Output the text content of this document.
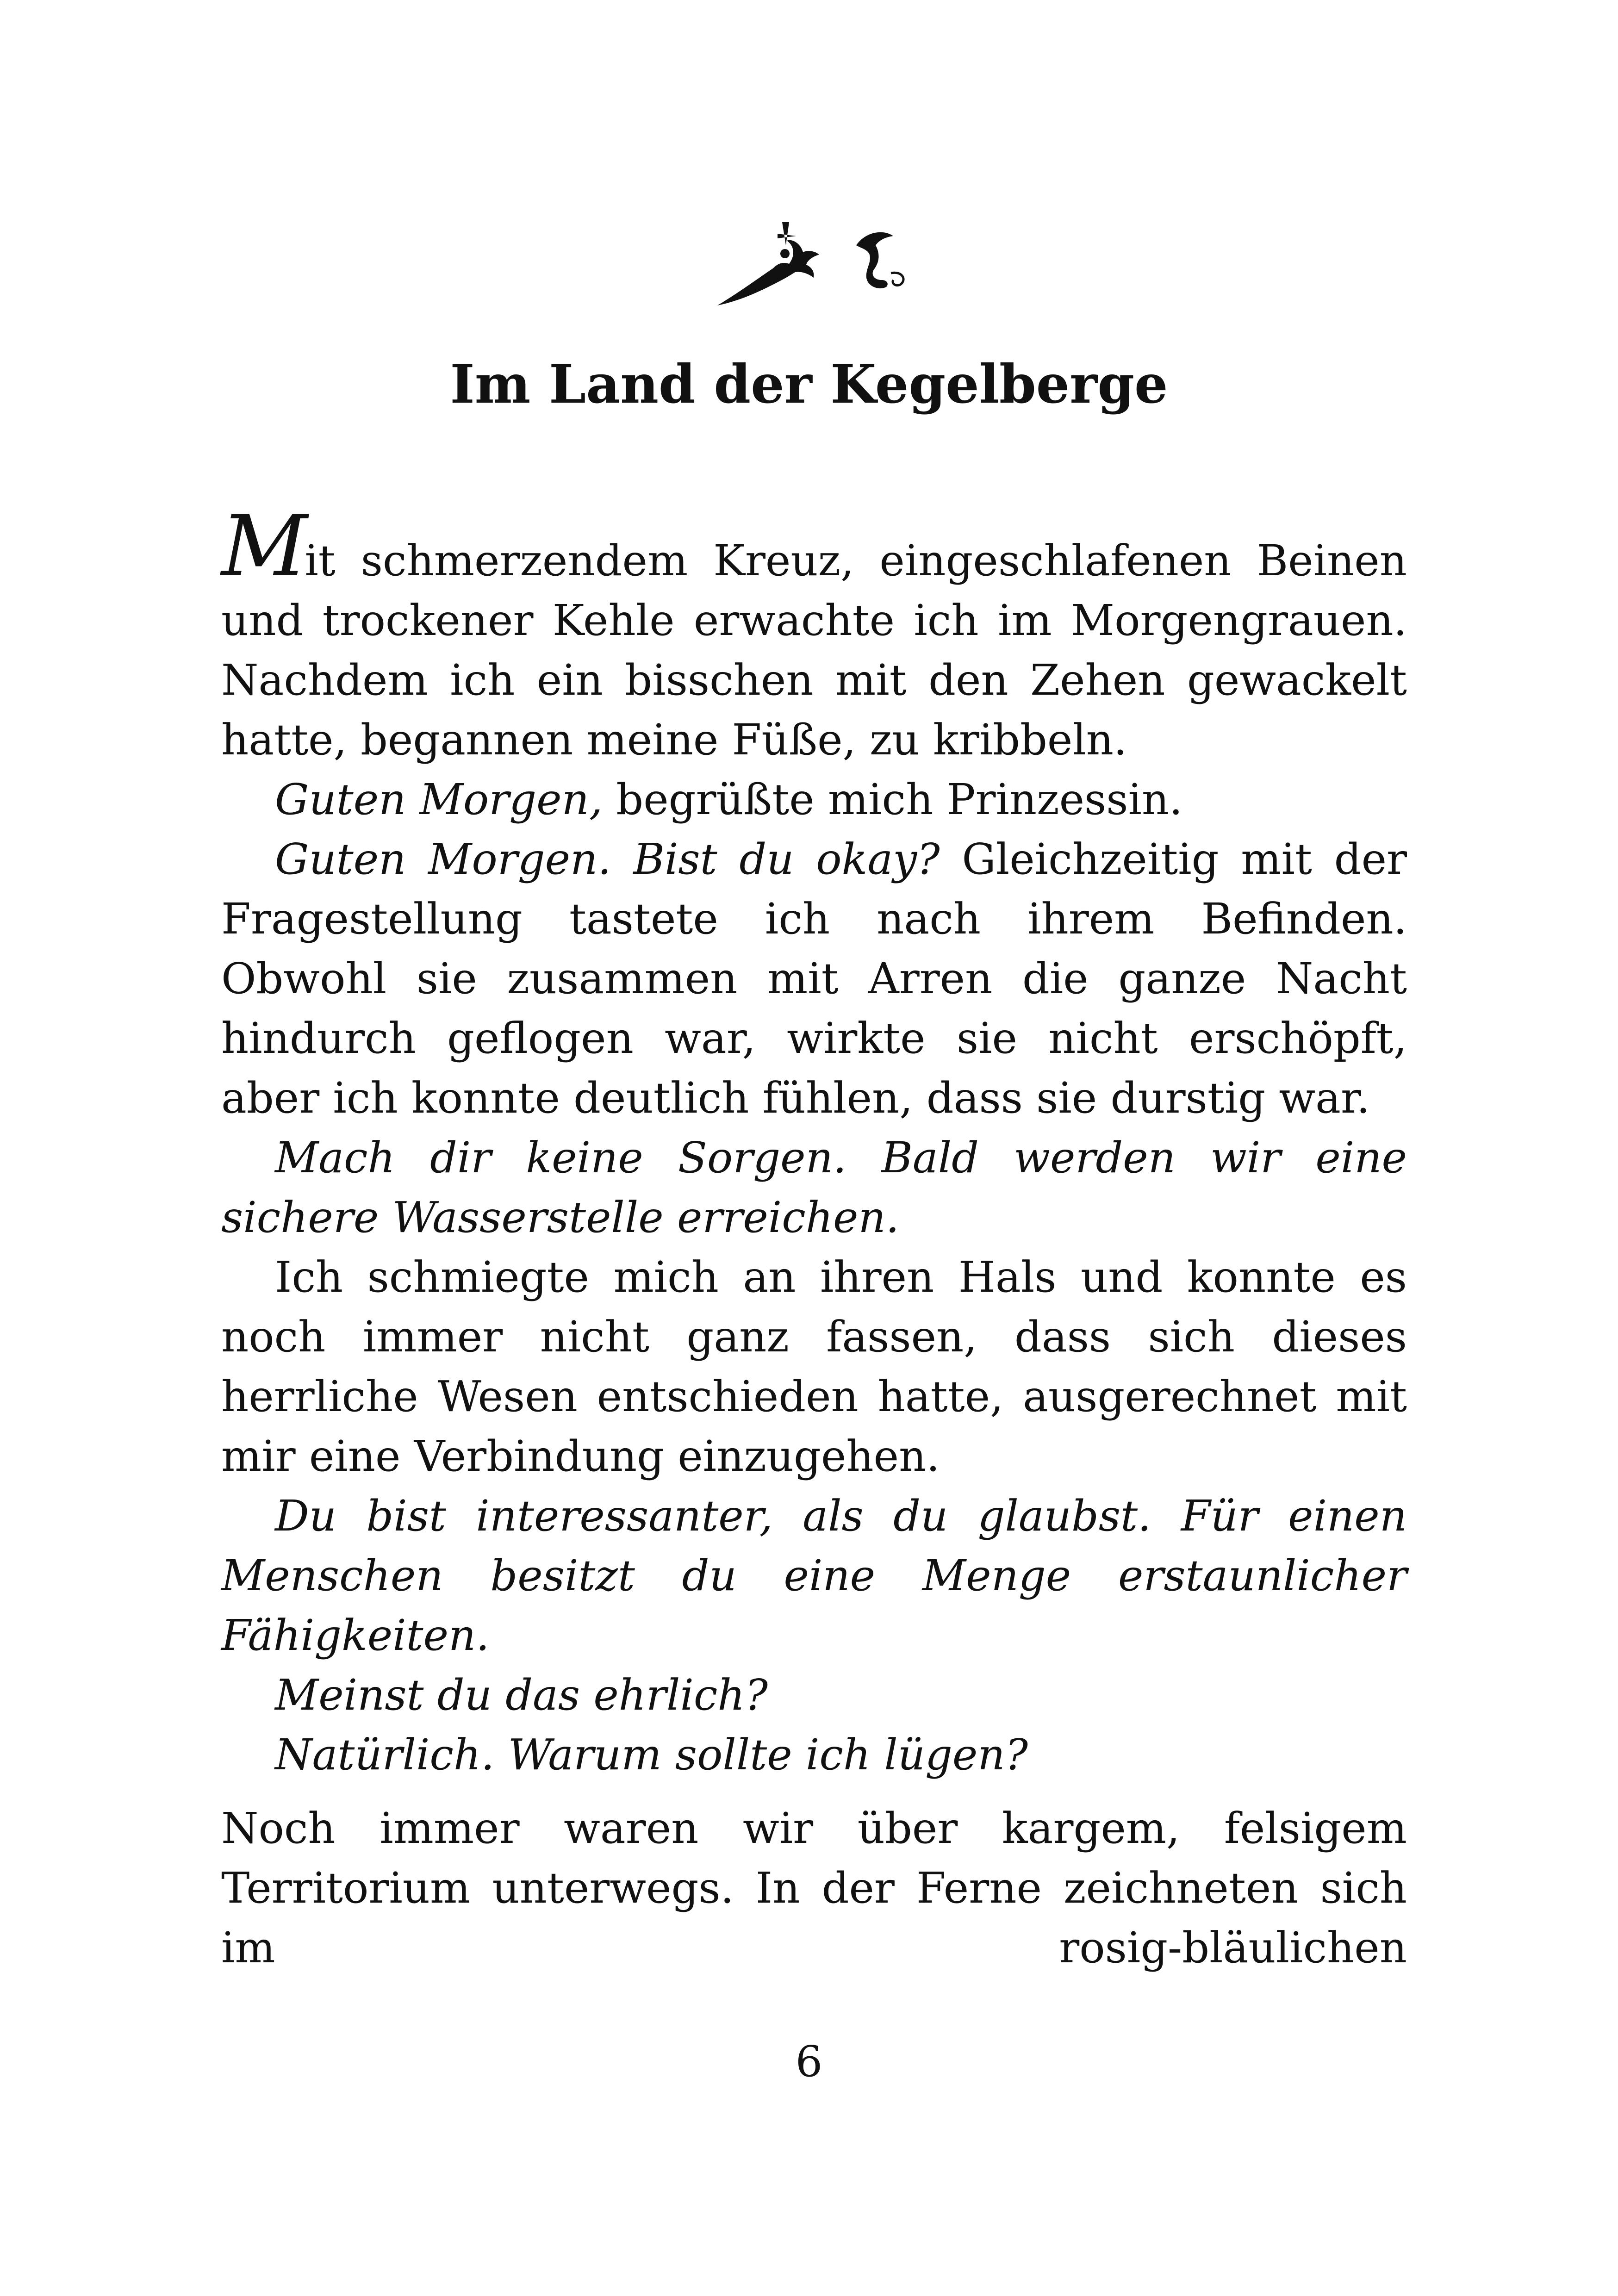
Im Land der Kegelberge

Mit schmerzendem Kreuz, eingeschlafenen Beinen und trockener Kehle erwachte ich im Morgengrauen. Nachdem ich ein bisschen mit den Zehen gewackelt hatte, begannen meine Füße, zu kribbeln.

Guten Morgen, begrüßte mich Prinzessin.

Guten Morgen. Bist du okay? Gleichzeitig mit der Fragestellung tastete ich nach ihrem Befinden. Obwohl sie zusammen mit Arren die ganze Nacht hindurch geflogen war, wirkte sie nicht erschöpft, aber ich konnte deutlich fühlen, dass sie durstig war.

Mach dir keine Sorgen. Bald werden wir eine sichere Wasserstelle erreichen.

Ich schmiegte mich an ihren Hals und konnte es noch immer nicht ganz fassen, dass sich dieses herrliche Wesen entschieden hatte, ausgerechnet mit mir eine Verbindung einzugehen.

Du bist interessanter, als du glaubst. Für einen Menschen besitzt du eine Menge erstaunlicher Fähigkeiten.

Meinst du das ehrlich?

Natürlich. Warum sollte ich lügen?

Noch immer waren wir über kargem, felsigem Territorium unterwegs. In der Ferne zeichneten sich im rosig-bläulichen

6
